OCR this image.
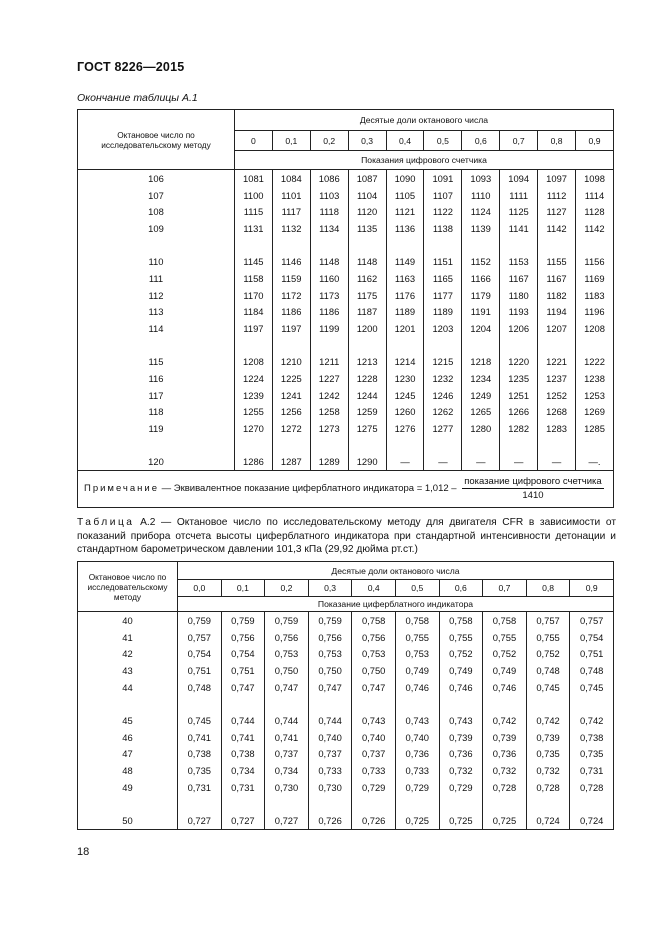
ГОСТ 8226—2015
Окончание таблицы А.1
Октановое число по исследовательскому методу	Десятые доли октанового числа									
	0	0,1	0,2	0,3	0,4	0,5	0,6	0,7	0,8	0,9
	Показания цифрового счетчика									
106	1081	1084	1086	1087	1090	1091	1093	1094	1097	1098
107	1100	1101	1103	1104	1105	1107	1110	1111	1112	1114
108	1115	1117	1118	1120	1121	1122	1124	1125	1127	1128
109	1131	1132	1134	1135	1136	1138	1139	1141	1142	1142

110	1145	1146	1148	1148	1149	1151	1152	1153	1155	1156
111	1158	1159	1160	1162	1163	1165	1166	1167	1167	1169
112	1170	1172	1173	1175	1176	1177	1179	1180	1182	1183
113	1184	1186	1186	1187	1189	1189	1191	1193	1194	1196
114	1197	1197	1199	1200	1201	1203	1204	1206	1207	1208

115	1208	1210	1211	1213	1214	1215	1218	1220	1221	1222
116	1224	1225	1227	1228	1230	1232	1234	1235	1237	1238
117	1239	1241	1242	1244	1245	1246	1249	1251	1252	1253
118	1255	1256	1258	1259	1260	1262	1265	1266	1268	1269
119	1270	1272	1273	1275	1276	1277	1280	1282	1283	1285

120	1286	1287	1289	1290	—	—	—	—	—	—.
Примечание — Эквивалентное показание циферблатного индикатора = $1,012 - \frac{\text{показание цифрового счетчика}}{1410}$
Таблица А.2 — Октановое число по исследовательскому методу для двигателя CFR в зависимости от показаний прибора отсчета высоты циферблатного индикатора при стандартной интенсивности детонации и стандартном барометрическом давлении 101,3 кПа (29,92 дюйма рт.ст.)
Октановое число по исследовательскому методу	Десятые доли октанового числа									
	0,0	0,1	0,2	0,3	0,4	0,5	0,6	0,7	0,8	0,9
	Показание циферблатного индикатора									
40	0,759	0,759	0,759	0,759	0,758	0,758	0,758	0,758	0,757	0,757
41	0,757	0,756	0,756	0,756	0,756	0,755	0,755	0,755	0,755	0,754
42	0,754	0,754	0,753	0,753	0,753	0,753	0,752	0,752	0,752	0,751
43	0,751	0,751	0,750	0,750	0,750	0,749	0,749	0,749	0,748	0,748
44	0,748	0,747	0,747	0,747	0,747	0,746	0,746	0,746	0,745	0,745

45	0,745	0,744	0,744	0,744	0,743	0,743	0,743	0,742	0,742	0,742
46	0,741	0,741	0,741	0,740	0,740	0,740	0,739	0,739	0,739	0,738
47	0,738	0,738	0,737	0,737	0,737	0,736	0,736	0,736	0,735	0,735
48	0,735	0,734	0,734	0,733	0,733	0,733	0,732	0,732	0,732	0,731
49	0,731	0,731	0,730	0,730	0,729	0,729	0,729	0,728	0,728	0,728

50	0,727	0,727	0,727	0,726	0,726	0,725	0,725	0,725	0,724	0,724
18
